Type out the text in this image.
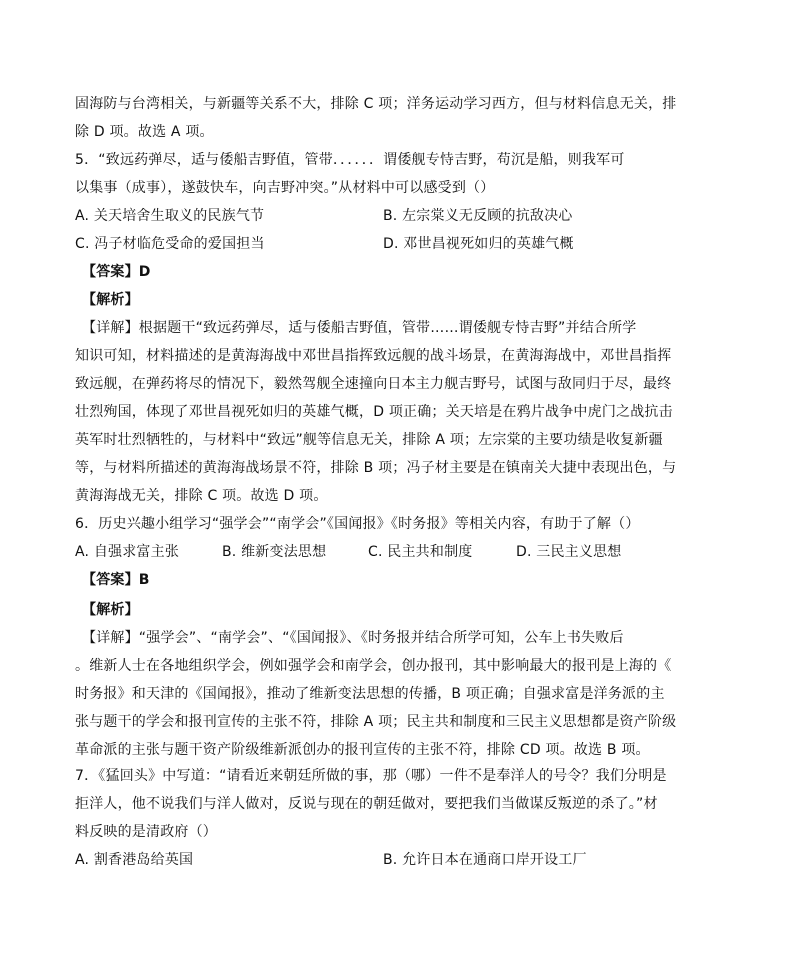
固海防与台湾相关，与新疆等关系不大，排除 C 项；洋务运动学习西方，但与材料信息无关，排
除 D 项。故选 A 项。
5．“致远药弹尽，适与倭船吉野值，管带．．．．．．谓倭舰专恃吉野，苟沉是船，则我军可
以集事（成事），遂鼓快车，向吉野冲突。”从材料中可以感受到（）
A. 关天培舍生取义的民族气节	B. 左宗棠义无反顾的抗敌决心
C. 冯子材临危受命的爱国担当	D. 邓世昌视死如归的英雄气概
【答案】D
【解析】
【详解】根据题干“致远药弹尽，适与倭船吉野值，管带……谓倭舰专恃吉野”并结合所学
知识可知，材料描述的是黄海海战中邓世昌指挥致远舰的战斗场景，在黄海海战中，邓世昌指挥
致远舰，在弹药将尽的情况下，毅然驾舰全速撞向日本主力舰吉野号，试图与敌同归于尽，最终
壮烈殉国，体现了邓世昌视死如归的英雄气概，D 项正确；关天培是在鸦片战争中虎门之战抗击
英军时壮烈牺牲的，与材料中“致远”舰等信息无关，排除 A 项；左宗棠的主要功绩是收复新疆
等，与材料所描述的黄海海战场景不符，排除 B 项；冯子材主要是在镇南关大捷中表现出色，与
黄海海战无关，排除 C 项。故选 D 项。
6．历史兴趣小组学习“强学会”“南学会”《国闻报》《时务报》等相关内容，有助于了解（）
A. 自强求富主张	B. 维新变法思想	C. 民主共和制度	D. 三民主义思想
【答案】B
【解析】
【详解】“强学会”、“南学会”、“《国闻报》、《时务报并结合所学可知，公车上书失败后
。维新人士在各地组织学会，例如强学会和南学会，创办报刊，其中影响最大的报刊是上海的《
时务报》和天津的《国闻报》，推动了维新变法思想的传播，B 项正确；自强求富是洋务派的主
张与题干的学会和报刊宣传的主张不符，排除 A 项；民主共和制度和三民主义思想都是资产阶级
革命派的主张与题干资产阶级维新派创办的报刊宣传的主张不符，排除 CD 项。故选 B 项。
7．《猛回头》中写道：“请看近来朝廷所做的事，那（哪）一件不是奉洋人的号令？我们分明是
拒洋人，他不说我们与洋人做对，反说与现在的朝廷做对，要把我们当做谋反叛逆的杀了。”材
料反映的是清政府（）
A. 割香港岛给英国	B. 允许日本在通商口岸开设工厂
